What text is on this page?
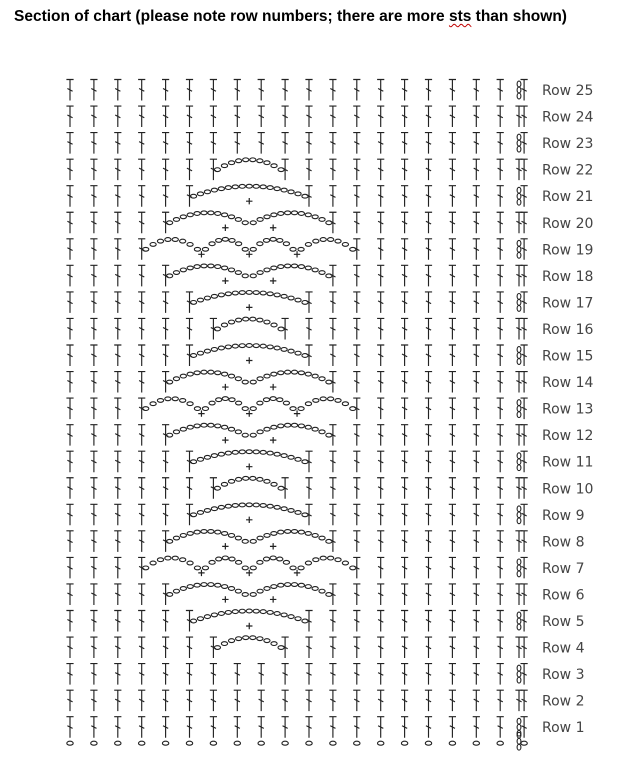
Section of chart (please note row numbers; there are more sts than shown)
Row 25
Row 24
Row 23
Row 22
Row 21
Row 20
Row 19
Row 18
Row 17
Row 16
Row 15
Row 14
Row 13
Row 12
Row 11
Row 10
Row 9
Row 8
Row 7
Row 6
Row 5
Row 4
Row 3
Row 2
Row 1
